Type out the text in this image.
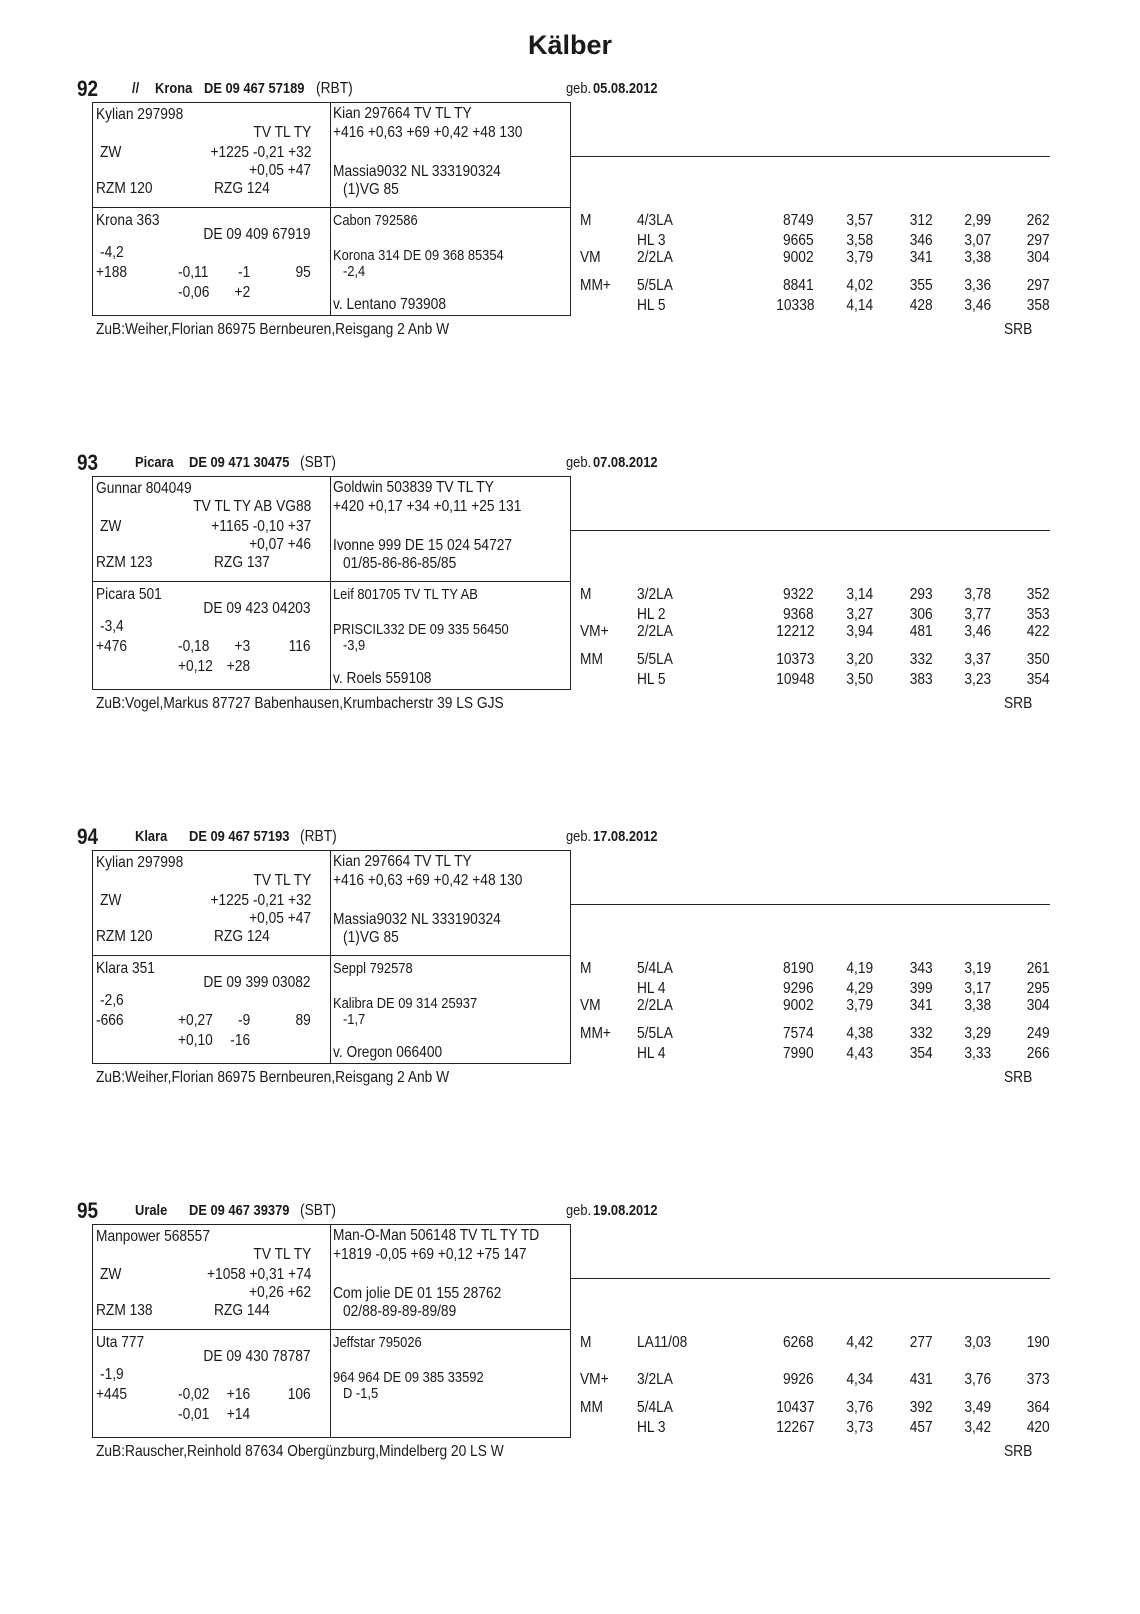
Kälber
92 // Krona DE 09 467 57189 (RBT)	geb. 05.08.2012
Kylian 297998
TV TL TY
ZW	+1225 -0,21 +32
+0,05 +47
RZM 120	RZG 124
Kian 297664 TV TL TY
+416 +0,63 +69 +0,42 +48 130
Massia9032 NL 333190324
(1)VG 85
Krona 363
DE 09 409 67919
-4,2
+188	-0,11 -1	95
-0,06 +2
Cabon 792586
Korona 314 DE 09 368 85354
-2,4
v. Lentano 793908
M	4/3LA	8749 3,57 312 2,99 262
HL 3	9665 3,58 346 3,07 297
VM 2/2LA	9002 3,79 341 3,38 304
MM+ 5/5LA	8841 4,02 355 3,36 297
HL 5	10338 4,14 428 3,46 358
ZuB:Weiher,Florian 86975 Bernbeuren,Reisgang 2 Anb W	SRB
93 Picara DE 09 471 30475 (SBT)	geb. 07.08.2012
Gunnar 804049
TV TL TY AB VG88
ZW	+1165 -0,10 +37
+0,07 +46
RZM 123	RZG 137
Goldwin 503839 TV TL TY
+420 +0,17 +34 +0,11 +25 131
Ivonne 999 DE 15 024 54727
01/85-86-86-85/85
Picara 501
DE 09 423 04203
-3,4
+476	-0,18 +3 116
+0,12 +28
Leif 801705 TV TL TY AB
PRISCIL332 DE 09 335 56450
-3,9
v. Roels 559108
M	3/2LA	9322 3,14 293 3,78 352
HL 2	9368 3,27 306 3,77 353
VM+ 2/2LA	12212 3,94 481 3,46 422
MM 5/5LA	10373 3,20 332 3,37 350
HL 5	10948 3,50 383 3,23 354
ZuB:Vogel,Markus 87727 Babenhausen,Krumbacherstr 39 LS GJS	SRB
94 Klara DE 09 467 57193 (RBT)	geb. 17.08.2012
Kylian 297998
TV TL TY
ZW	+1225 -0,21 +32
+0,05 +47
RZM 120	RZG 124
Kian 297664 TV TL TY
+416 +0,63 +69 +0,42 +48 130
Massia9032 NL 333190324
(1)VG 85
Klara 351
DE 09 399 03082
-2,6
-666	+0,27 -9	89
+0,10 -16
Seppl 792578
Kalibra DE 09 314 25937
-1,7
v. Oregon 066400
M	5/4LA	8190 4,19 343 3,19 261
HL 4	9296 4,29 399 3,17 295
VM 2/2LA	9002 3,79 341 3,38 304
MM+ 5/5LA	7574 4,38 332 3,29 249
HL 4	7990 4,43 354 3,33 266
ZuB:Weiher,Florian 86975 Bernbeuren,Reisgang 2 Anb W	SRB
95 Urale DE 09 467 39379 (SBT)	geb. 19.08.2012
Manpower 568557
TV TL TY
ZW	+1058 +0,31 +74
+0,26 +62
RZM 138	RZG 144
Man-O-Man 506148 TV TL TY TD
+1819 -0,05 +69 +0,12 +75 147
Com jolie DE 01 155 28762
02/88-89-89-89/89
Uta 777
DE 09 430 78787
-1,9
+445	-0,02 +16 106
-0,01 +14
Jeffstar 795026
964 964 DE 09 385 33592
D -1,5
M	LA11/08	6268 4,42 277 3,03 190
VM+ 3/2LA	9926 4,34 431 3,76 373
MM 5/4LA	10437 3,76 392 3,49 364
HL 3	12267 3,73 457 3,42 420
ZuB:Rauscher,Reinhold 87634 Obergünzburg,Mindelberg 20 LS W	SRB
